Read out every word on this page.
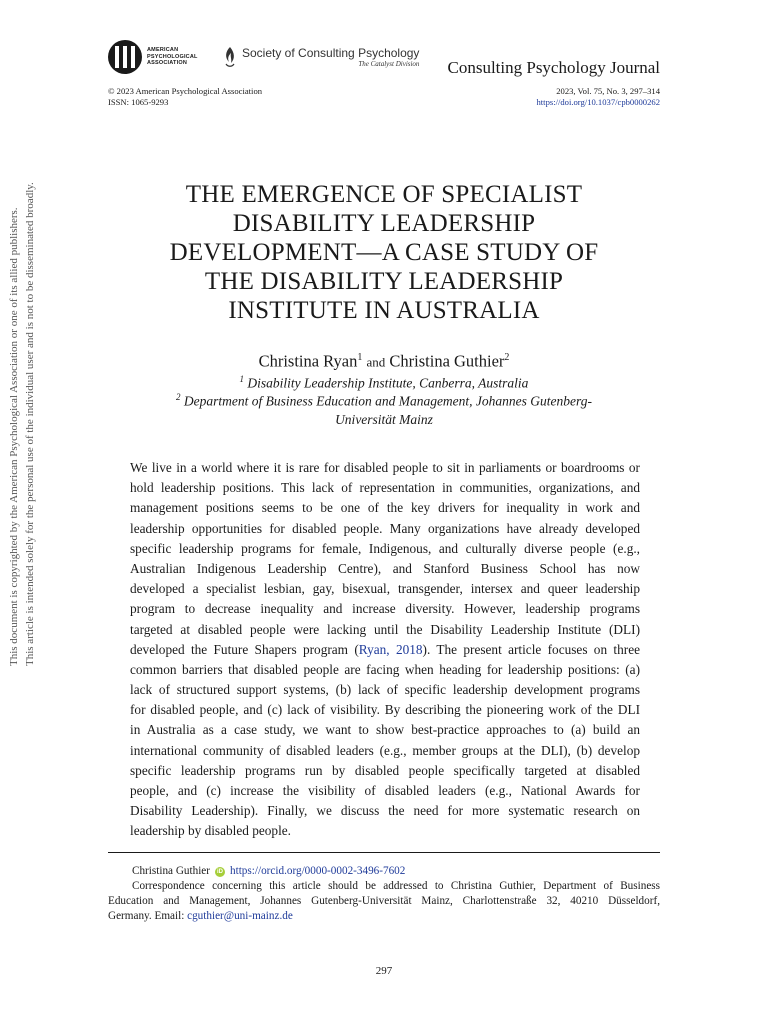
This document is copyrighted by the American Psychological Association or one of its allied publishers. This article is intended solely for the personal use of the individual user and is not to be disseminated broadly.
AMERICAN
PSYCHOLOGICAL
ASSOCIATION
Society of Consulting Psychology
The Catalyst Division Consulting Psychology Journal
© 2023 American Psychological Association
ISSN: 1065-9293
2023, Vol. 75, No. 3, 297–314
https://doi.org/10.1037/cpb0000262
THE EMERGENCE OF SPECIALIST
DISABILITY LEADERSHIP
DEVELOPMENT—A CASE STUDY OF
THE DISABILITY LEADERSHIP
INSTITUTE IN AUSTRALIA
Christina Ryan$^1$ and Christina Guthier$^2$
$^1$ Disability Leadership Institute, Canberra, Australia
$^2$ Department of Business Education and Management, Johannes Gutenberg-
Universität Mainz

We live in a world where it is rare for disabled people to sit in parliaments or boardrooms or
hold leadership positions. This lack of representation in communities, organizations, and
management positions seems to be one of the key drivers for inequality in work and
leadership opportunities for disabled people. Many organizations have already developed
specific leadership programs for female, Indigenous, and culturally diverse people (e.g.,
Australian Indigenous Leadership Centre), and Stanford Business School has now
developed a specialist lesbian, gay, bisexual, transgender, intersex and queer leadership
program to decrease inequality and increase diversity. However, leadership programs
targeted at disabled people were lacking until the Disability Leadership Institute (DLI)
developed the Future Shapers program (Ryan, 2018). The present article focuses on three
common barriers that disabled people are facing when heading for leadership positions: (a)
lack of structured support systems, (b) lack of specific leadership development programs
for disabled people, and (c) lack of visibility. By describing the pioneering work of the DLI
in Australia as a case study, we want to show best-practice approaches to (a) build an
international community of disabled leaders (e.g., member groups at the DLI), (b) develop
specific leadership programs run by disabled people specifically targeted at disabled
people, and (c) increase the visibility of disabled leaders (e.g., National Awards for
Disability Leadership). Finally, we discuss the need for more systematic research on
leadership by disabled people.

Christina Guthier	iD https://orcid.org/0000-0002-3496-7602
Correspondence concerning this article should be addressed to Christina Guthier, Department of Business
Education and Management, Johannes Gutenberg-Universität Mainz, Charlottenstraße 32, 40210 Düsseldorf,
Germany. Email: cguthier@uni-mainz.de
297
